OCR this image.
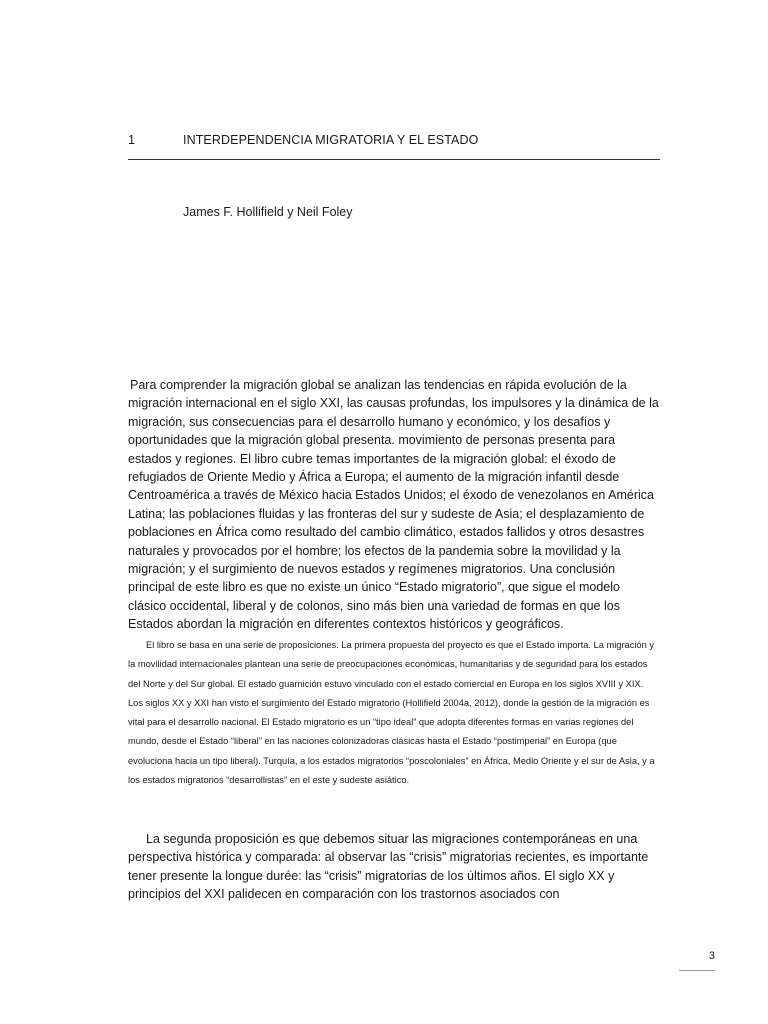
1	INTERDEPENDENCIA MIGRATORIA Y EL ESTADO
James F. Hollifield y Neil Foley

Para comprender la migración global se analizan las tendencias en rápida evolución de la migración internacional en el siglo XXI, las causas profundas, los impulsores y la dinámica de la migración, sus consecuencias para el desarrollo humano y económico, y los desafíos y oportunidades que la migración global presenta. movimiento de personas presenta para estados y regiones. El libro cubre temas importantes de la migración global: el éxodo de refugiados de Oriente Medio y África a Europa; el aumento de la migración infantil desde Centroamérica a través de México hacia Estados Unidos; el éxodo de venezolanos en América Latina; las poblaciones fluidas y las fronteras del sur y sudeste de Asia; el desplazamiento de poblaciones en África como resultado del cambio climático, estados fallidos y otros desastres naturales y provocados por el hombre; los efectos de la pandemia sobre la movilidad y la migración; y el surgimiento de nuevos estados y regímenes migratorios. Una conclusión principal de este libro es que no existe un único “Estado migratorio”, que sigue el modelo clásico occidental, liberal y de colonos, sino más bien una variedad de formas en que los Estados abordan la migración en diferentes contextos históricos y geográficos.

El libro se basa en una serie de proposiciones. La primera propuesta del proyecto es que el Estado importa. La migración y la movilidad internacionales plantean una serie de preocupaciones económicas, humanitarias y de seguridad para los estados del Norte y del Sur global. El estado guarnición estuvo vinculado con el estado comercial en Europa en los siglos XVIII y XIX. Los siglos XX y XXI han visto el surgimiento del Estado migratorio (Hollifield 2004a, 2012), donde la gestión de la migración es vital para el desarrollo nacional. El Estado migratorio es un “tipo ideal” que adopta diferentes formas en varias regiones del mundo, desde el Estado “liberal” en las naciones colonizadoras clásicas hasta el Estado “postimperial” en Europa (que evoluciona hacia un tipo liberal). Turquía, a los estados migratorios “poscoloniales” en África, Medio Oriente y el sur de Asia, y a los estados migratorios “desarrollistas” en el este y sudeste asiático.

La segunda proposición es que debemos situar las migraciones contemporáneas en una perspectiva histórica y comparada: al observar las “crisis” migratorias recientes, es importante tener presente la longue durée: las “crisis” migratorias de los últimos años. El siglo XX y principios del XXI palidecen en comparación con los trastornos asociados con

3
